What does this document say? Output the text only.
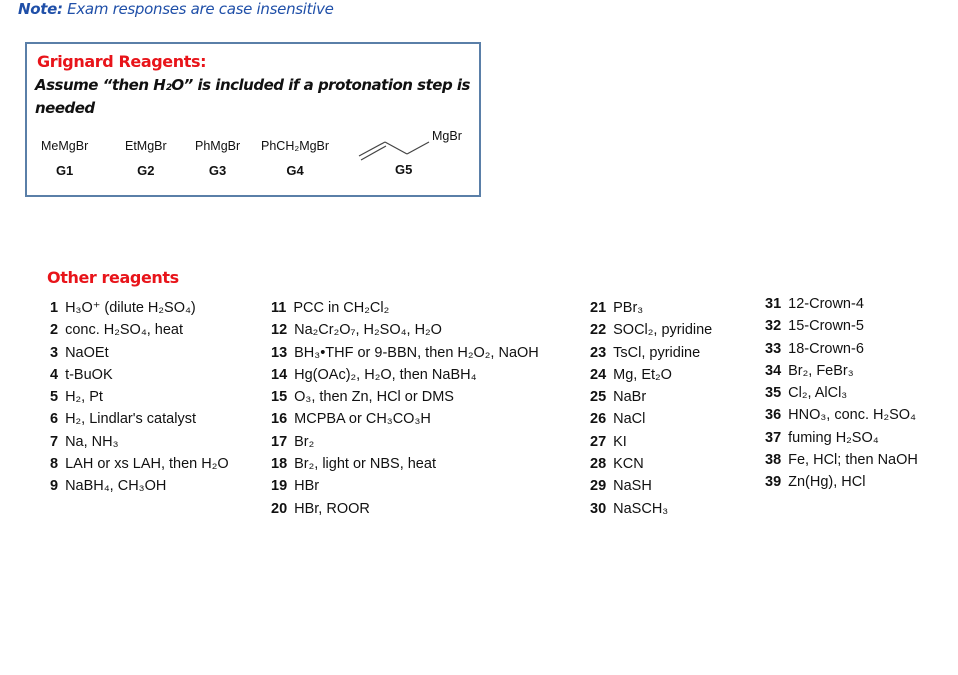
Note: Exam responses are case insensitive
Grignard Reagents:
Assume “then H₂O” is included if a protonation step is needed
MeMgBr
G1
EtMgBr
G2
PhMgBr
G3
PhCH₂MgBr
G4
MgBr
G5
Other reagents
1 H₃O⁺ (dilute H₂SO₄)
2 conc. H₂SO₄, heat
3 NaOEt
4 t-BuOK
5 H₂, Pt
6 H₂, Lindlar's catalyst
7 Na, NH₃
8 LAH or xs LAH, then H₂O
9 NaBH₄, CH₃OH
11 PCC in CH₂Cl₂
12 Na₂Cr₂O₇, H₂SO₄, H₂O
13 BH₃•THF or 9-BBN, then H₂O₂, NaOH
14 Hg(OAc)₂, H₂O, then NaBH₄
15 O₃, then Zn, HCl or DMS
16 MCPBA or CH₃CO₃H
17 Br₂
18 Br₂, light or NBS, heat
19 HBr
20 HBr, ROOR
21 PBr₃
22 SOCl₂, pyridine
23 TsCl, pyridine
24 Mg, Et₂O
25 NaBr
26 NaCl
27 KI
28 KCN
29 NaSH
30 NaSCH₃
31 12-Crown-4
32 15-Crown-5
33 18-Crown-6
34 Br₂, FeBr₃
35 Cl₂, AlCl₃
36 HNO₃, conc. H₂SO₄
37 fuming H₂SO₄
38 Fe, HCl; then NaOH
39 Zn(Hg), HCl
